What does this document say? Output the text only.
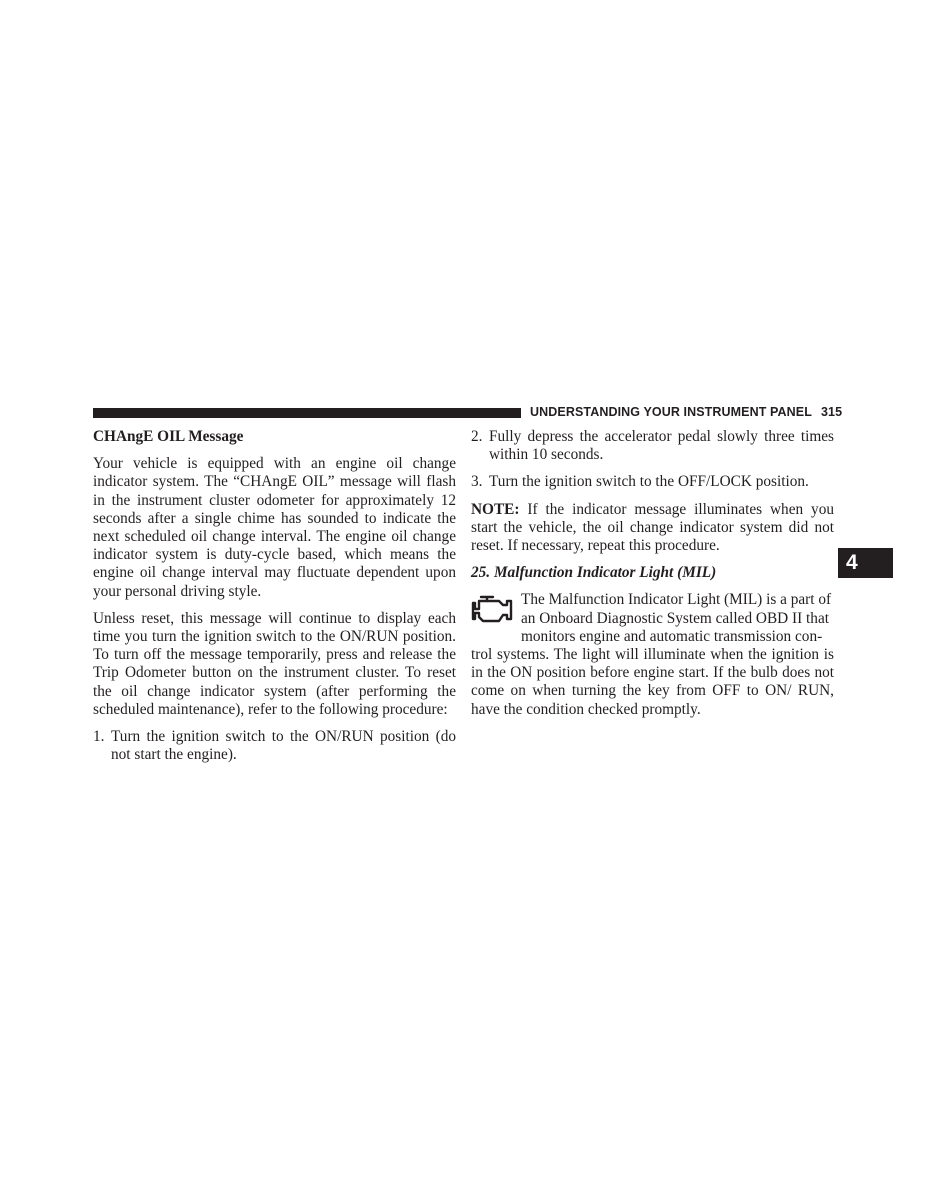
UNDERSTANDING YOUR INSTRUMENT PANEL 315
4
CHAngE OIL Message

Your vehicle is equipped with an engine oil change indicator system. The “CHAngE OIL” message will flash in the instrument cluster odometer for approximately 12 seconds after a single chime has sounded to indicate the next scheduled oil change interval. The engine oil change indicator system is duty-cycle based, which means the engine oil change interval may fluctuate dependent upon your personal driving style.

Unless reset, this message will continue to display each time you turn the ignition switch to the ON/RUN position. To turn off the message temporarily, press and release the Trip Odometer button on the instrument cluster. To reset the oil change indicator system (after performing the scheduled maintenance), refer to the following procedure:

1. Turn the ignition switch to the ON/RUN position (do not start the engine).
2. Fully depress the accelerator pedal slowly three times within 10 seconds.
3. Turn the ignition switch to the OFF/LOCK position.

NOTE: If the indicator message illuminates when you start the vehicle, the oil change indicator system did not reset. If necessary, repeat this procedure.

25. Malfunction Indicator Light (MIL)

The Malfunction Indicator Light (MIL) is a part of
an Onboard Diagnostic System called OBD II that
monitors engine and automatic transmission con-
trol systems. The light will illuminate when the ignition is in the ON position before engine start. If the bulb does not come on when turning the key from OFF to ON/ RUN, have the condition checked promptly.
